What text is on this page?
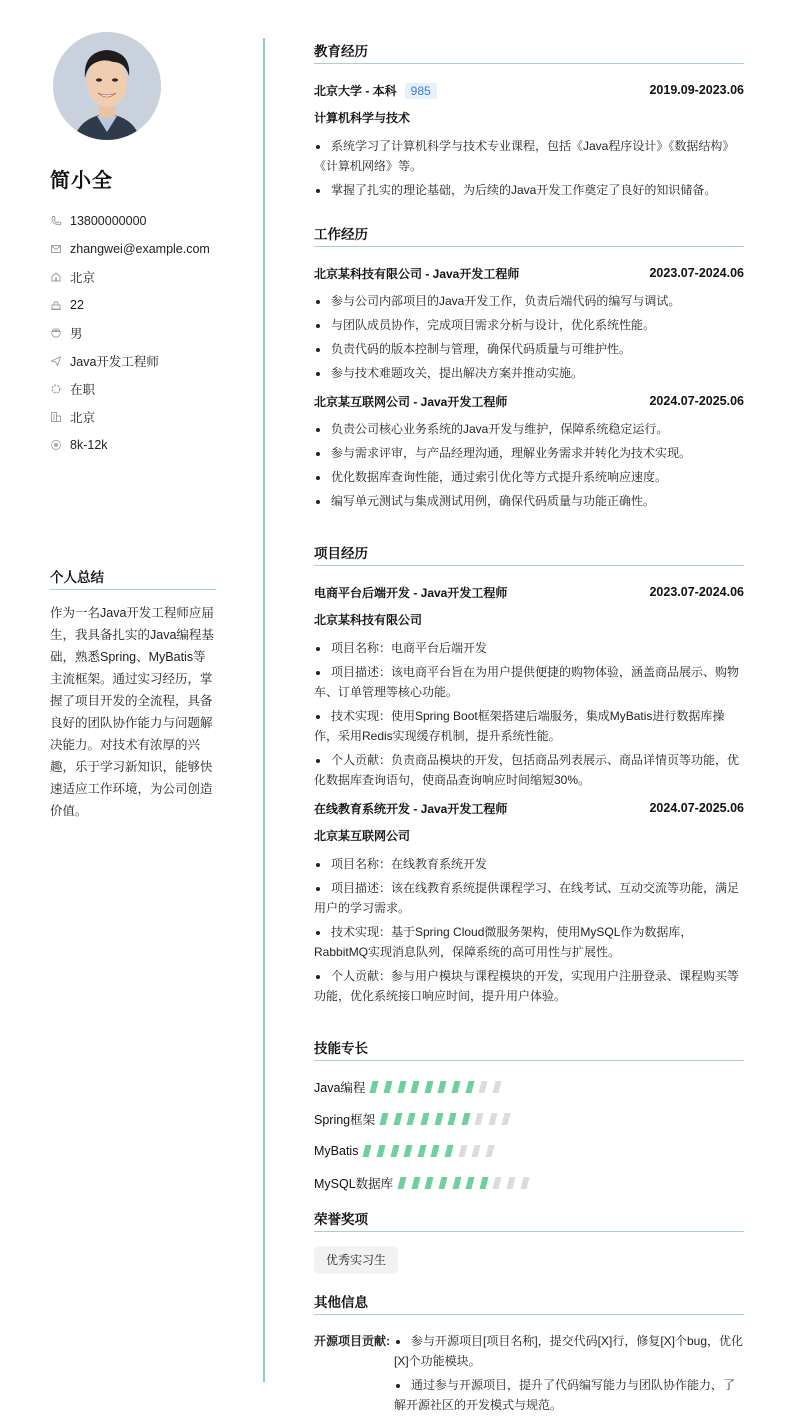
简小全
13800000000
zhangwei@example.com
北京
22
男
Java开发工程师
在职
北京
8k-12k
个人总结
作为一名Java开发工程师应届生，我具备扎实的Java编程基础，熟悉Spring、MyBatis等主流框架。通过实习经历，掌握了项目开发的全流程，具备良好的团队协作能力与问题解决能力。对技术有浓厚的兴趣，乐于学习新知识，能够快速适应工作环境，为公司创造价值。
教育经历
北京大学 - 本科 985	2019.09-2023.06
计算机科学与技术
系统学习了计算机科学与技术专业课程，包括《Java程序设计》《数据结构》《计算机网络》等。
掌握了扎实的理论基础，为后续的Java开发工作奠定了良好的知识储备。
工作经历
北京某科技有限公司 - Java开发工程师	2023.07-2024.06
参与公司内部项目的Java开发工作，负责后端代码的编写与调试。
与团队成员协作，完成项目需求分析与设计，优化系统性能。
负责代码的版本控制与管理，确保代码质量与可维护性。
参与技术难题攻关，提出解决方案并推动实施。
北京某互联网公司 - Java开发工程师	2024.07-2025.06
负责公司核心业务系统的Java开发与维护，保障系统稳定运行。
参与需求评审，与产品经理沟通，理解业务需求并转化为技术实现。
优化数据库查询性能，通过索引优化等方式提升系统响应速度。
编写单元测试与集成测试用例，确保代码质量与功能正确性。
项目经历
电商平台后端开发 - Java开发工程师	2023.07-2024.06
北京某科技有限公司
项目名称：电商平台后端开发
项目描述：该电商平台旨在为用户提供便捷的购物体验，涵盖商品展示、购物车、订单管理等核心功能。
技术实现：使用Spring Boot框架搭建后端服务，集成MyBatis进行数据库操作，采用Redis实现缓存机制，提升系统性能。
个人贡献：负责商品模块的开发，包括商品列表展示、商品详情页等功能，优化数据库查询语句，使商品查询响应时间缩短30%。
在线教育系统开发 - Java开发工程师	2024.07-2025.06
北京某互联网公司
项目名称：在线教育系统开发
项目描述：该在线教育系统提供课程学习、在线考试、互动交流等功能，满足用户的学习需求。
技术实现：基于Spring Cloud微服务架构，使用MySQL作为数据库，RabbitMQ实现消息队列，保障系统的高可用性与扩展性。
个人贡献：参与用户模块与课程模块的开发，实现用户注册登录、课程购买等功能，优化系统接口响应时间，提升用户体验。
技能专长
Java编程
Spring框架
MyBatis
MySQL数据库
荣誉奖项
优秀实习生
其他信息
开源项目贡献:	参与开源项目[项目名称]，提交代码[X]行，修复[X]个bug，优化[X]个功能模块。
通过参与开源项目，提升了代码编写能力与团队协作能力，了解开源社区的开发模式与规范。
